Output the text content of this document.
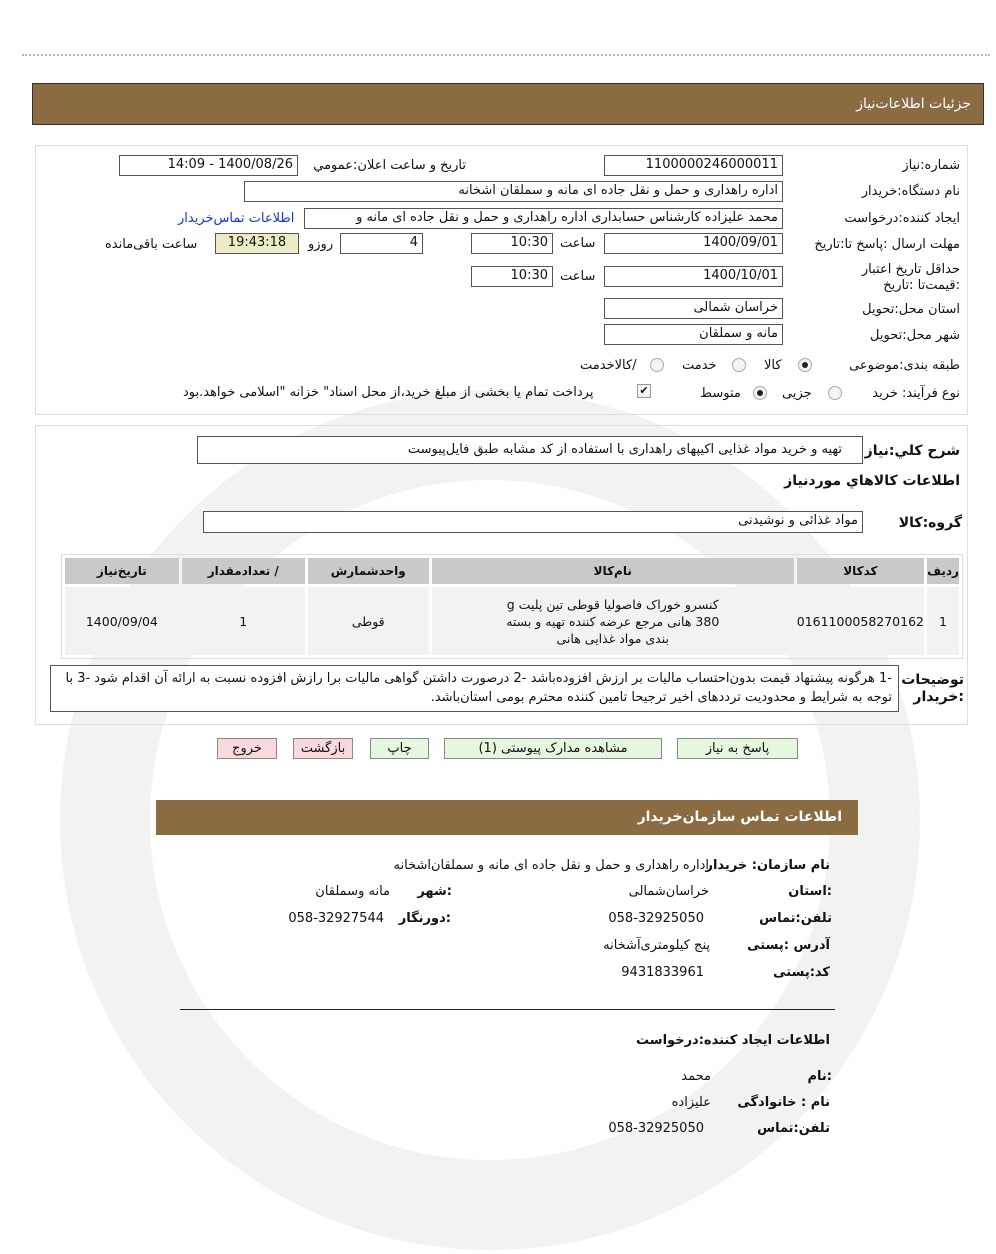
جزئیات اطلاعات‌نیاز
شماره:نیاز
1100000246000011
تاریخ و ساعت اعلان:عمومي
1400/08/26 - 14:09
نام دستگاه:خریدار
اداره راهداری و حمل و نقل جاده ای مانه و سملقان اشخانه
ایجاد کننده:درخواست
محمد علیزاده کارشناس حسابداری اداره راهداری و حمل و نقل جاده ای مانه و
اطلاعات تماس‌خریدار
مهلت ارسال :پاسخ تا:تاریخ
1400/09/01
ساعت
10:30
4
روزو
19:43:18
ساعت باقی‌مانده
حداقل تاریخ اعتبار :قیمت‌تا :تاریخ
1400/10/01
ساعت
10:30
استان محل:تحویل
خراسان شمالی
شهر محل:تحویل
مانه و سملقان
طبقه بندی:موضوعی
کالا
خدمت
/کالاخدمت
نوع فرآیند: خرید
جزیی
متوسط
✔
پرداخت تمام یا بخشی از مبلغ خرید،از محل اسناد" خزانه "اسلامی خواهد.بود
شرح کلي:نیاز
تهیه و خرید مواد غذایی اکیپهای راهداری با استفاده از کد مشابه طبق فایل‌پیوست
اطلاعات کالاهاي موردنیاز
گروه:کالا
مواد غذائی و نوشیدنی
ردیف	کدکالا	نام‌کالا	واحدشمارش	/ تعدادمقدار	تاریخ‌نیاز
1	0161100058270162	کنسرو خوراک فاصولیا قوطی تین پلیت g 380 هانی مرجع عرضه کننده تهیه و بسته بندی مواد غذایی هانی	قوطی	1	1400/09/04
توضیحات :خریدار
-1 هرگونه پیشنهاد قیمت بدون‌احتساب مالیات بر ارزش افزوده‌باشد -2 درصورت داشتن گواهی مالیات برا رازش افزوده نسبت به ارائه آن اقدام شود -3 با توجه به شرایط و محدودیت ترددهای اخیر ترجیحا تامین کننده محترم بومی استان‌باشد.
پاسخ به نیاز
مشاهده مدارک پیوستی (1)
چاپ
بازگشت
خروج
اطلاعات تماس سازمان‌خریدار
نام سازمان: خریدار
اداره راهداری و حمل و نقل جاده ای مانه و سملقان‌اشخانه
:استان
خراسان‌شمالی
:شهر
مانه وسملقان
تلفن:تماس
058-32925050
:دورنگار
058-32927544
آدرس :پستی
پنج کیلومتری‌آشخانه
کد:پستی
9431833961
اطلاعات ایجاد کننده:درخواست
:نام
محمد
نام : خانوادگی
علیزاده
تلفن:تماس
058-32925050
